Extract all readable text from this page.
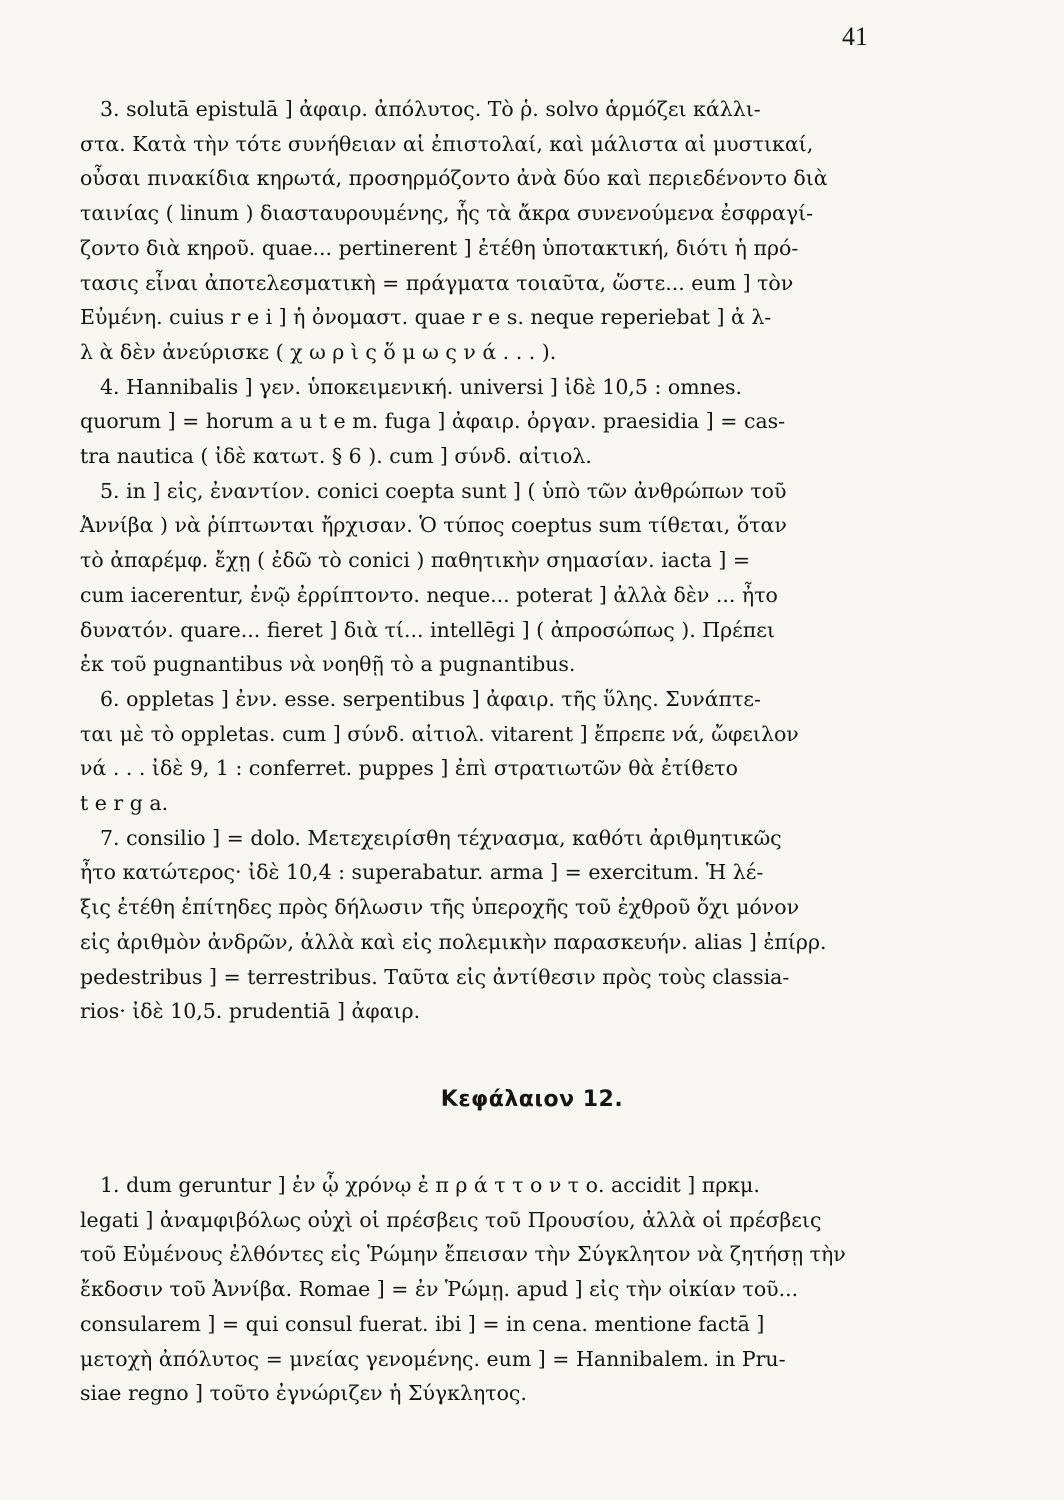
41
3. solutā epistulā ] ἀφαιρ. ἀπόλυτος. Τὸ ῥ. solvo ἁρμόζει κάλλι-
στα. Κατὰ τὴν τότε συνήθειαν αἱ ἐπιστολαί, καὶ μάλιστα αἱ μυστικαί,
οὖσαι πινακίδια κηρωτά, προσηρμόζοντο ἀνὰ δύο καὶ περιεδένοντο διὰ
ταινίας ( linum ) διασταυρουμένης, ἧς τὰ ἄκρα συνενούμενα ἐσφραγί-
ζοντο διὰ κηροῦ. quae... pertinerent ] ἐτέθη ὑποτακτική, διότι ἡ πρό-
τασις εἶναι ἀποτελεσματικὴ = πράγματα τοιαῦτα, ὥστε... eum ] τὸν
Εὐμένη. cuius r e i ] ἡ ὀνομαστ. quae r e s. neque reperiebat ] ἀ λ-
λ ὰ δὲν ἀνεύρισκε ( χ ω ρ ὶ ς ὅ μ ω ς ν ά . . . ).
4. Hannibalis ] γεν. ὑποκειμενική. universi ] ἰδὲ 10,5 : omnes.
quorum ] = horum a u t e m. fuga ] ἀφαιρ. ὀργαν. praesidia ] = cas-
tra nautica ( ἰδὲ κατωτ. § 6 ). cum ] σύνδ. αἰτιολ.
5. in ] εἰς, ἐναντίον. conici coepta sunt ] ( ὑπὸ τῶν ἀνθρώπων τοῦ
Ἀννίβα ) νὰ ῥίπτωνται ἤρχισαν. Ὁ τύπος coeptus sum τίθεται, ὅταν
τὸ ἀπαρέμφ. ἔχῃ ( ἐδῶ τὸ conici ) παθητικὴν σημασίαν. iacta ] =
cum iacerentur, ἐνῷ ἐρρίπτοντο. neque... poterat ] ἀλλὰ δὲν ... ἦτο
δυνατόν. quare... fieret ] διὰ τί... intellēgi ] ( ἀπροσώπως ). Πρέπει
ἐκ τοῦ pugnantibus νὰ νοηθῇ τὸ a pugnantibus.
6. oppletas ] ἐνν. esse. serpentibus ] ἀφαιρ. τῆς ὕλης. Συνάπτε-
ται μὲ τὸ oppletas. cum ] σύνδ. αἰτιολ. vitarent ] ἔπρεπε νά, ὤφειλον
νά . . . ἰδὲ 9, 1 : conferret. puppes ] ἐπὶ στρατιωτῶν θὰ ἐτίθετο
t e r g a.
7. consilio ] = dolo. Μετεχειρίσθη τέχνασμα, καθότι ἀριθμητικῶς
ἦτο κατώτερος· ἰδὲ 10,4 : superabatur. arma ] = exercitum. Ἡ λέ-
ξις ἐτέθη ἐπίτηδες πρὸς δήλωσιν τῆς ὑπεροχῆς τοῦ ἐχθροῦ ὄχι μόνον
εἰς ἀριθμὸν ἀνδρῶν, ἀλλὰ καὶ εἰς πολεμικὴν παρασκευήν. alias ] ἐπίρρ.
pedestribus ] = terrestribus. Ταῦτα εἰς ἀντίθεσιν πρὸς τοὺς classia-
rios· ἰδὲ 10,5. prudentiā ] ἀφαιρ.
Κεφάλαιον 12.
1. dum geruntur ] ἐν ᾧ χρόνῳ ἐ π ρ ά τ τ ο ν τ ο. accidit ] πρκμ.
legati ] ἀναμφιβόλως οὐχὶ οἱ πρέσβεις τοῦ Προυσίου, ἀλλὰ οἱ πρέσβεις
τοῦ Εὐμένους ἐλθόντες εἰς Ῥώμην ἔπεισαν τὴν Σύγκλητον νὰ ζητήσῃ τὴν
ἔκδοσιν τοῦ Ἀννίβα. Romae ] = ἐν Ῥώμῃ. apud ] εἰς τὴν οἰκίαν τοῦ...
consularem ] = qui consul fuerat. ibi ] = in cena. mentione factā ]
μετοχὴ ἀπόλυτος = μνείας γενομένης. eum ] = Hannibalem. in Pru-
siae regno ] τοῦτο ἐγνώριζεν ἡ Σύγκλητος.
